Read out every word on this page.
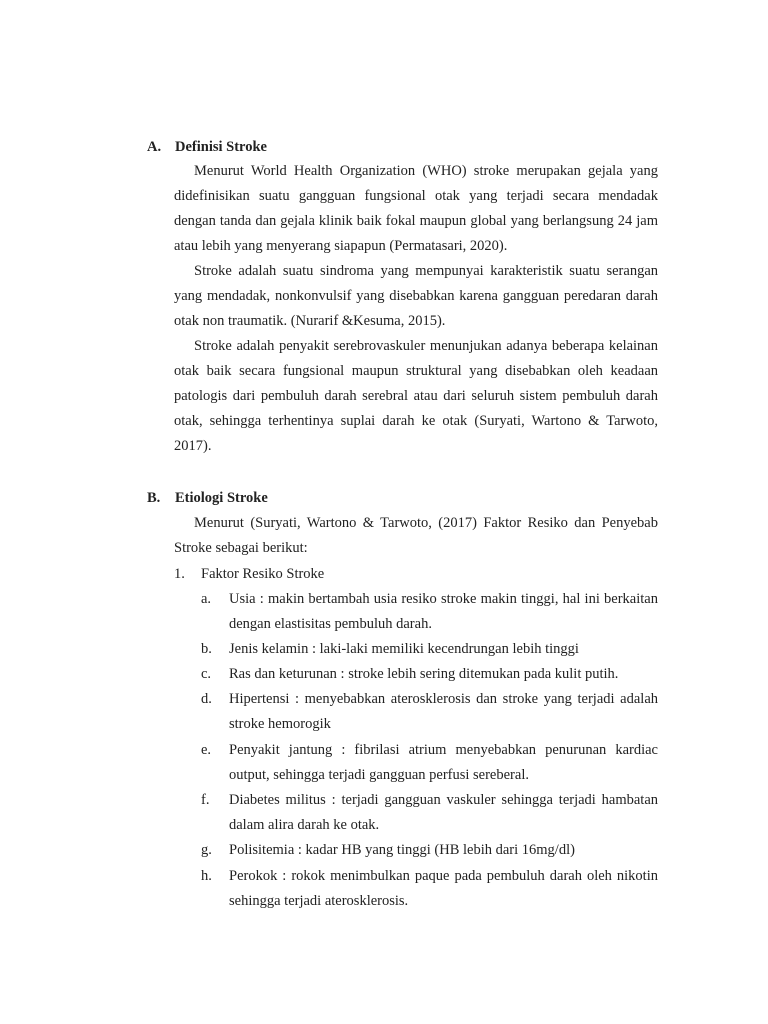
A. Definisi Stroke

Menurut World Health Organization (WHO) stroke merupakan gejala yang didefinisikan suatu gangguan fungsional otak yang terjadi secara mendadak dengan tanda dan gejala klinik baik fokal maupun global yang berlangsung 24 jam atau lebih yang menyerang siapapun (Permatasari, 2020).

Stroke adalah suatu sindroma yang mempunyai karakteristik suatu serangan yang mendadak, nonkonvulsif yang disebabkan karena gangguan peredaran darah otak non traumatik. (Nurarif &Kesuma, 2015).

Stroke adalah penyakit serebrovaskuler menunjukan adanya beberapa kelainan otak baik secara fungsional maupun struktural yang disebabkan oleh keadaan patologis dari pembuluh darah serebral atau dari seluruh sistem pembuluh darah otak, sehingga terhentinya suplai darah ke otak (Suryati, Wartono & Tarwoto, 2017).

B. Etiologi Stroke

Menurut (Suryati, Wartono & Tarwoto, (2017) Faktor Resiko dan Penyebab Stroke sebagai berikut:

1. Faktor Resiko Stroke
a.	Usia : makin bertambah usia resiko stroke makin tinggi, hal ini berkaitan dengan elastisitas pembuluh darah.
b.	Jenis kelamin : laki-laki memiliki kecendrungan lebih tinggi
c.	Ras dan keturunan : stroke lebih sering ditemukan pada kulit putih.
d.	Hipertensi : menyebabkan aterosklerosis dan stroke yang terjadi adalah stroke hemorogik
e.	Penyakit jantung : fibrilasi atrium menyebabkan penurunan kardiac output, sehingga terjadi gangguan perfusi sereberal.
f.	Diabetes militus : terjadi gangguan vaskuler sehingga terjadi hambatan dalam alira darah ke otak.
g.	Polisitemia : kadar HB yang tinggi (HB lebih dari 16mg/dl)
h.	Perokok : rokok menimbulkan paque pada pembuluh darah oleh nikotin sehingga terjadi aterosklerosis.
